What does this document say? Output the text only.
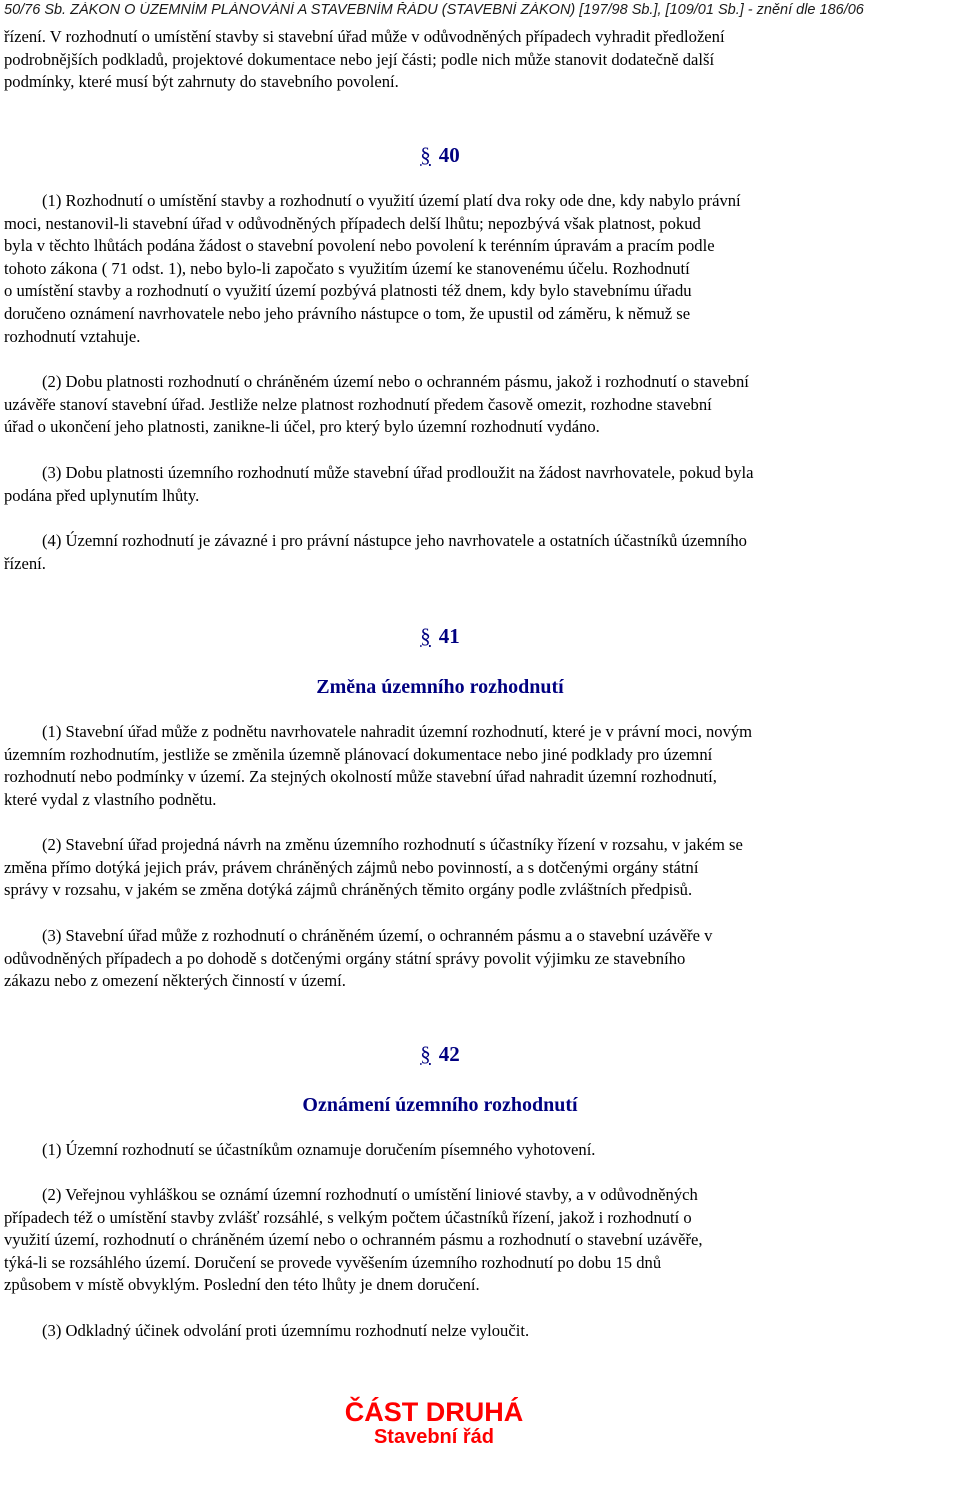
50/76 Sb. ZÁKON O ÚZEMNÍM PLÁNOVÁNÍ A STAVEBNÍM ŘÁDU (STAVEBNÍ ZÁKON) [197/98 Sb.], [109/01 Sb.] - znění dle 186/06
řízení. V rozhodnutí o umístění stavby si stavební úřad může v odůvodněných případech vyhradit předložení
podrobnějších podkladů, projektové dokumentace nebo její části; podle nich může stanovit dodatečně další
podmínky, které musí být zahrnuty do stavebního povolení.
§ 40
(1) Rozhodnutí o umístění stavby a rozhodnutí o využití území platí dva roky ode dne, kdy nabylo právní
moci, nestanovil-li stavební úřad v odůvodněných případech delší lhůtu; nepozbývá však platnost, pokud
byla v těchto lhůtách podána žádost o stavební povolení nebo povolení k terénním úpravám a pracím podle
tohoto zákona ( 71 odst. 1), nebo bylo-li započato s využitím území ke stanovenému účelu. Rozhodnutí
o umístění stavby a rozhodnutí o využití území pozbývá platnosti též dnem, kdy bylo stavebnímu úřadu
doručeno oznámení navrhovatele nebo jeho právního nástupce o tom, že upustil od záměru, k němuž se
rozhodnutí vztahuje.
(2) Dobu platnosti rozhodnutí o chráněném území nebo o ochranném pásmu, jakož i rozhodnutí o stavební
uzávěře stanoví stavební úřad. Jestliže nelze platnost rozhodnutí předem časově omezit, rozhodne stavební
úřad o ukončení jeho platnosti, zanikne-li účel, pro který bylo územní rozhodnutí vydáno.
(3) Dobu platnosti územního rozhodnutí může stavební úřad prodloužit na žádost navrhovatele, pokud byla
podána před uplynutím lhůty.
(4) Územní rozhodnutí je závazné i pro právní nástupce jeho navrhovatele a ostatních účastníků územního
řízení.
§ 41
Změna územního rozhodnutí
(1) Stavební úřad může z podnětu navrhovatele nahradit územní rozhodnutí, které je v právní moci, novým
územním rozhodnutím, jestliže se změnila územně plánovací dokumentace nebo jiné podklady pro územní
rozhodnutí nebo podmínky v území. Za stejných okolností může stavební úřad nahradit územní rozhodnutí,
které vydal z vlastního podnětu.
(2) Stavební úřad projedná návrh na změnu územního rozhodnutí s účastníky řízení v rozsahu, v jakém se
změna přímo dotýká jejich práv, právem chráněných zájmů nebo povinností, a s dotčenými orgány státní
správy v rozsahu, v jakém se změna dotýká zájmů chráněných těmito orgány podle zvláštních předpisů.
(3) Stavební úřad může z rozhodnutí o chráněném území, o ochranném pásmu a o stavební uzávěře v
odůvodněných případech a po dohodě s dotčenými orgány státní správy povolit výjimku ze stavebního
zákazu nebo z omezení některých činností v území.
§ 42
Oznámení územního rozhodnutí
(1) Územní rozhodnutí se účastníkům oznamuje doručením písemného vyhotovení.
(2) Veřejnou vyhláškou se oznámí územní rozhodnutí o umístění liniové stavby, a v odůvodněných
případech též o umístění stavby zvlášť rozsáhlé, s velkým počtem účastníků řízení, jakož i rozhodnutí o
využití území, rozhodnutí o chráněném území nebo o ochranném pásmu a rozhodnutí o stavební uzávěře,
týká-li se rozsáhlého území. Doručení se provede vyvěšením územního rozhodnutí po dobu 15 dnů
způsobem v místě obvyklým. Poslední den této lhůty je dnem doručení.
(3) Odkladný účinek odvolání proti územnímu rozhodnutí nelze vyloučit.
ČÁST DRUHÁ
Stavební řád
